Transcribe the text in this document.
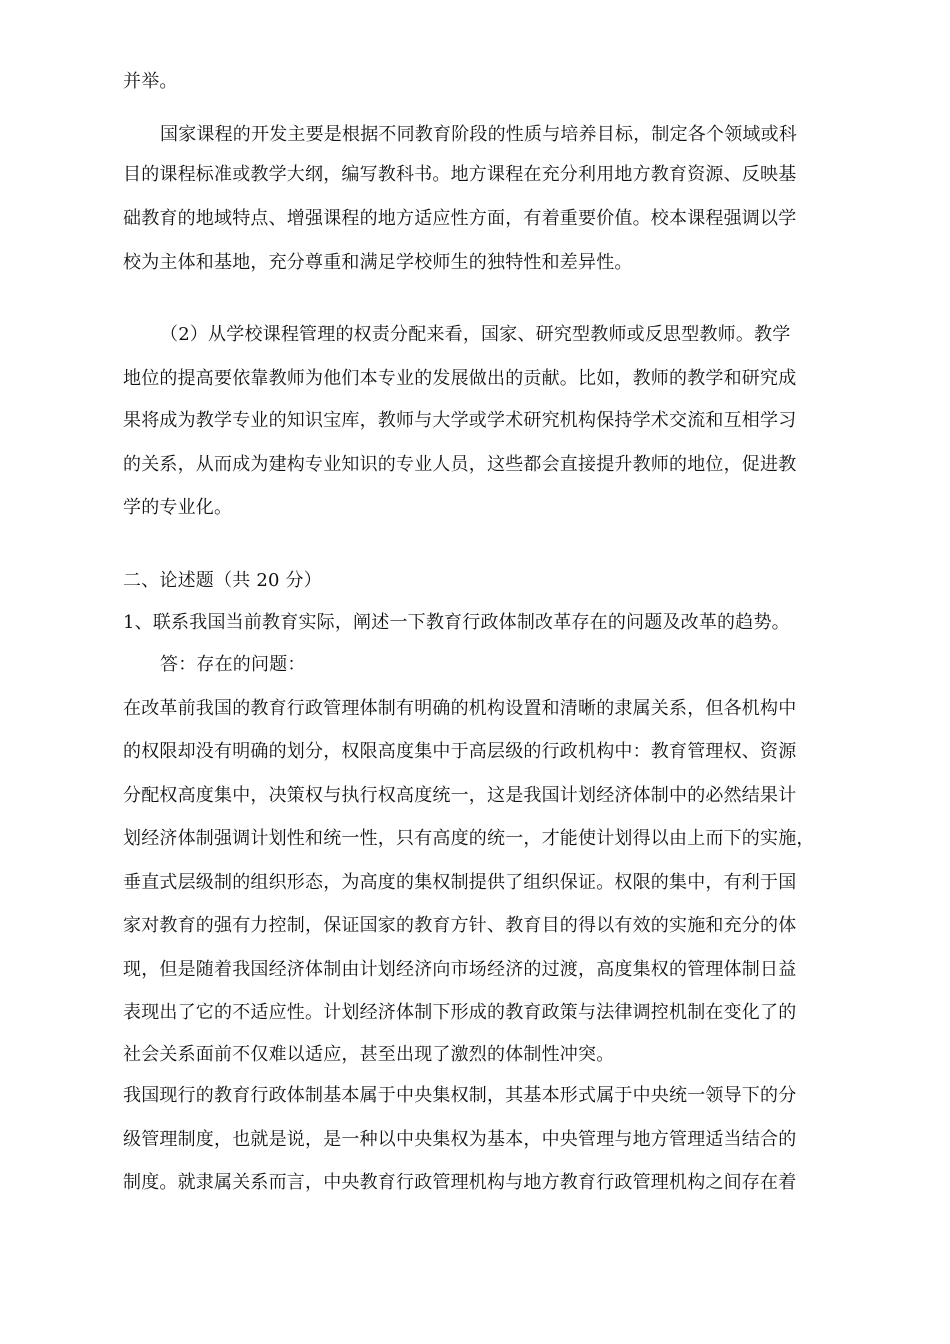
并举。
国家课程的开发主要是根据不同教育阶段的性质与培养目标，制定各个领域或科
目的课程标准或教学大纲，编写教科书。地方课程在充分利用地方教育资源、反映基
础教育的地域特点、增强课程的地方适应性方面，有着重要价值。校本课程强调以学
校为主体和基地，充分尊重和满足学校师生的独特性和差异性。
（2）从学校课程管理的权责分配来看，国家、研究型教师或反思型教师。教学
地位的提高要依靠教师为他们本专业的发展做出的贡献。比如，教师的教学和研究成
果将成为教学专业的知识宝库，教师与大学或学术研究机构保持学术交流和互相学习
的关系，从而成为建构专业知识的专业人员，这些都会直接提升教师的地位，促进教
学的专业化。
二、论述题（共 20 分）
1、联系我国当前教育实际，阐述一下教育行政体制改革存在的问题及改革的趋势。
答：存在的问题：
在改革前我国的教育行政管理体制有明确的机构设置和清晰的隶属关系，但各机构中
的权限却没有明确的划分，权限高度集中于高层级的行政机构中：教育管理权、资源
分配权高度集中，决策权与执行权高度统一，这是我国计划经济体制中的必然结果计
划经济体制强调计划性和统一性，只有高度的统一，才能使计划得以由上而下的实施，
垂直式层级制的组织形态，为高度的集权制提供了组织保证。权限的集中，有利于国
家对教育的强有力控制，保证国家的教育方针、教育目的得以有效的实施和充分的体
现，但是随着我国经济体制由计划经济向市场经济的过渡，高度集权的管理体制日益
表现出了它的不适应性。计划经济体制下形成的教育政策与法律调控机制在变化了的
社会关系面前不仅难以适应，甚至出现了激烈的体制性冲突。
我国现行的教育行政体制基本属于中央集权制，其基本形式属于中央统一领导下的分
级管理制度，也就是说，是一种以中央集权为基本，中央管理与地方管理适当结合的
制度。就隶属关系而言，中央教育行政管理机构与地方教育行政管理机构之间存在着
